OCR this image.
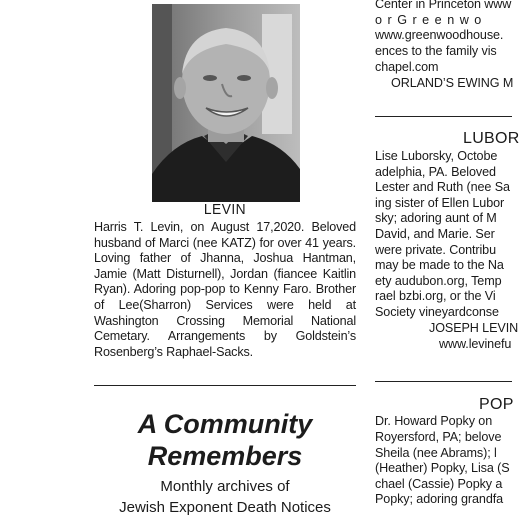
LEVIN
Harris T. Levin, on August 17,2020. Beloved husband of Marci (nee KATZ) for over 41 years. Loving father of Jhanna, Joshua Hantman, Jamie (Matt Disturnell), Jordan (fiancee Kaitlin Ryan). Adoring pop-pop to Kenny Faro. Brother of Lee(Sharron) Services were held at Washington Crossing Memorial National Cemetary. Arrangements by Goldstein’s Rosenberg’s Raphael-Sacks.
A Community
Remembers
Monthly archives of
Jewish Exponent Death Notices
Center in Princeton www
o r G r e e n w o
www.greenwoodhouse.
ences to the family vis
chapel.com
ORLAND’S EWING M
LUBOR
Lise Luborsky, Octobe
adelphia, PA. Beloved
Lester and Ruth (nee Sa
ing sister of Ellen Lubor
sky; adoring aunt of M
David, and Marie. Ser
were private. Contribu
may be made to the Na
ety audubon.org, Temp
rael bzbi.org, or the Vi
Society vineyardconse
JOSEPH LEVIN
www.levinefu
POP
Dr. Howard Popky on
Royersford, PA; belove
Sheila (nee Abrams); l
(Heather) Popky, Lisa (S
chael (Cassie) Popky a
Popky; adoring grandfa
